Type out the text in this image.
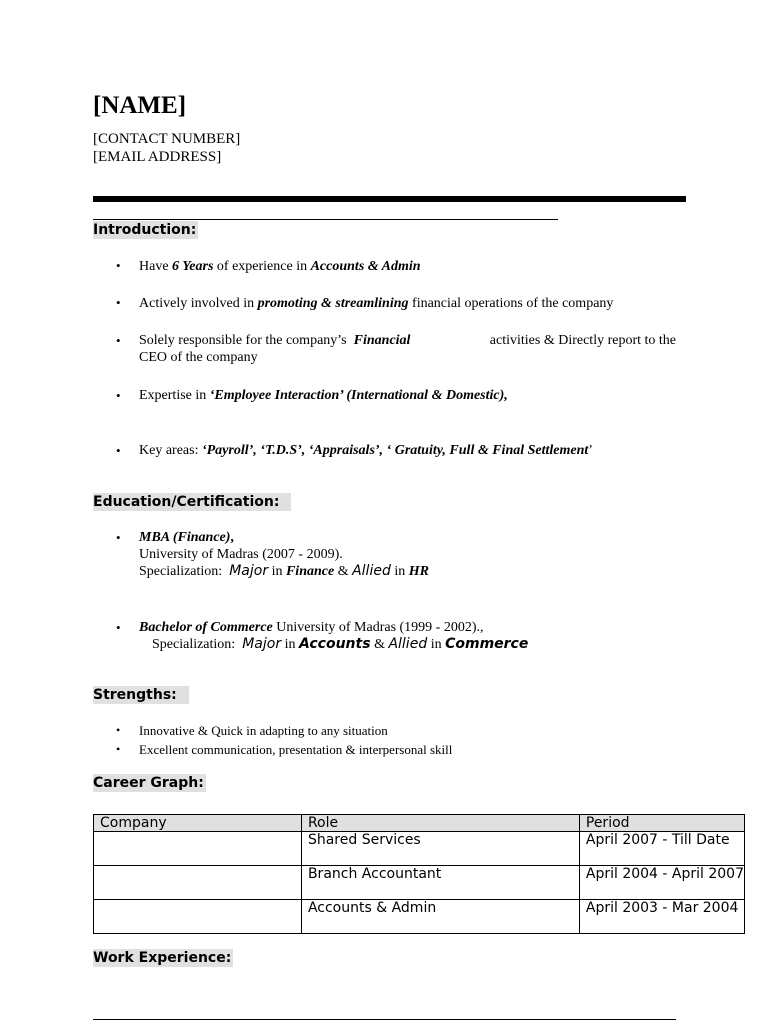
[NAME]
[CONTACT NUMBER]
[EMAIL ADDRESS]
Introduction:
• Have 6 Years of experience in Accounts & Admin
• Actively involved in promoting & streamlining financial operations of the company
• Solely responsible for the company’s  Financial	activities & Directly report to the
CEO of the company
• Expertise in ‘Employee Interaction’ (International & Domestic),
• Key areas: ‘Payroll’, ‘T.D.S’, ‘Appraisals’, ‘ Gratuity, Full & Final Settlement’
Education/Certification:
• MBA (Finance),
University of Madras (2007 - 2009).
Specialization:  Major in Finance & Allied in HR
• Bachelor of Commerce University of Madras (1999 - 2002).,
Specialization:  Major in Accounts & Allied in Commerce
Strengths:
• Innovative & Quick in adapting to any situation
• Excellent communication, presentation & interpersonal skill
Career Graph:
Company	Role	Period
	Shared Services	April 2007 - Till Date
	Branch Accountant	April 2004 - April 2007
	Accounts & Admin	April 2003 - Mar 2004
Work Experience:
